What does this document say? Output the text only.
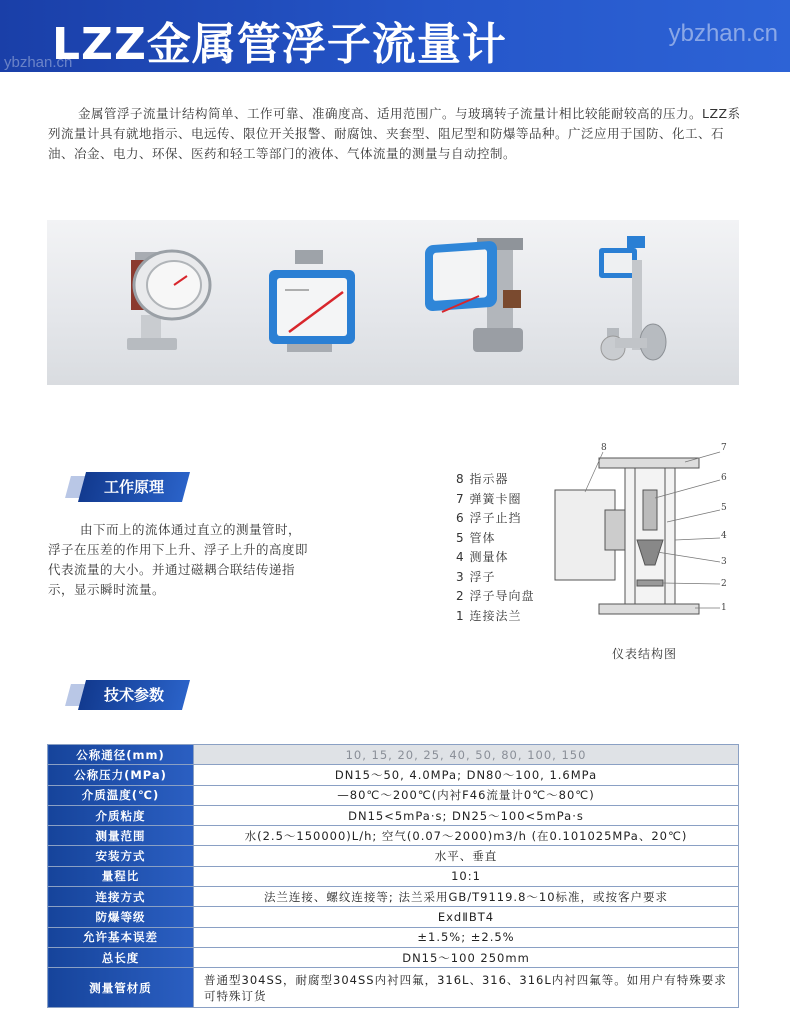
LZZ金属管浮子流量计	ybzhan.cn
ybzhan.cn
金属管浮子流量计结构简单、工作可靠、准确度高、适用范围广。与玻璃转子流量计相比较能耐较高的压力。LZZ系列流量计具有就地指示、电远传、限位开关报警、耐腐蚀、夹套型、阻尼型和防爆等品种。广泛应用于国防、化工、石油、冶金、电力、环保、医药和轻工等部门的液体、气体流量的测量与自动控制。
工作原理
由下而上的流体通过直立的测量管时，浮子在压差的作用下上升、浮子上升的高度即代表流量的大小。并通过磁耦合联结传递指示，显示瞬时流量。
8 指示器
7 弹簧卡圈
6 浮子止挡
5 管体
4 测量体
3 浮子
2 浮子导向盘
1 连接法兰
8	7
6
5
4
3
2
1
仪表结构图
技术参数
公称通径(mm)	10, 15, 20, 25, 40, 50, 80, 100, 150
公称压力(MPa)	DN15～50, 4.0MPa; DN80～100, 1.6MPa
介质温度(℃)	—80℃～200℃(内衬F46流量计0℃～80℃)
介质粘度	DN15<5mPa·s; DN25～100<5mPa·s
测量范围	水(2.5～150000)L/h; 空气(0.07～2000)m3/h (在0.101025MPa、20℃)
安装方式	水平、垂直
量程比	10:1
连接方式	法兰连接、螺纹连接等; 法兰采用GB/T9119.8～10标准，或按客户要求
防爆等级	ExdⅡBT4
允许基本误差	±1.5%; ±2.5%
总长度	DN15～100 250mm
测量管材质	普通型304SS，耐腐型304SS内衬四氟，316L、316、316L内衬四氟等。如用户有特殊要求可特殊订货
